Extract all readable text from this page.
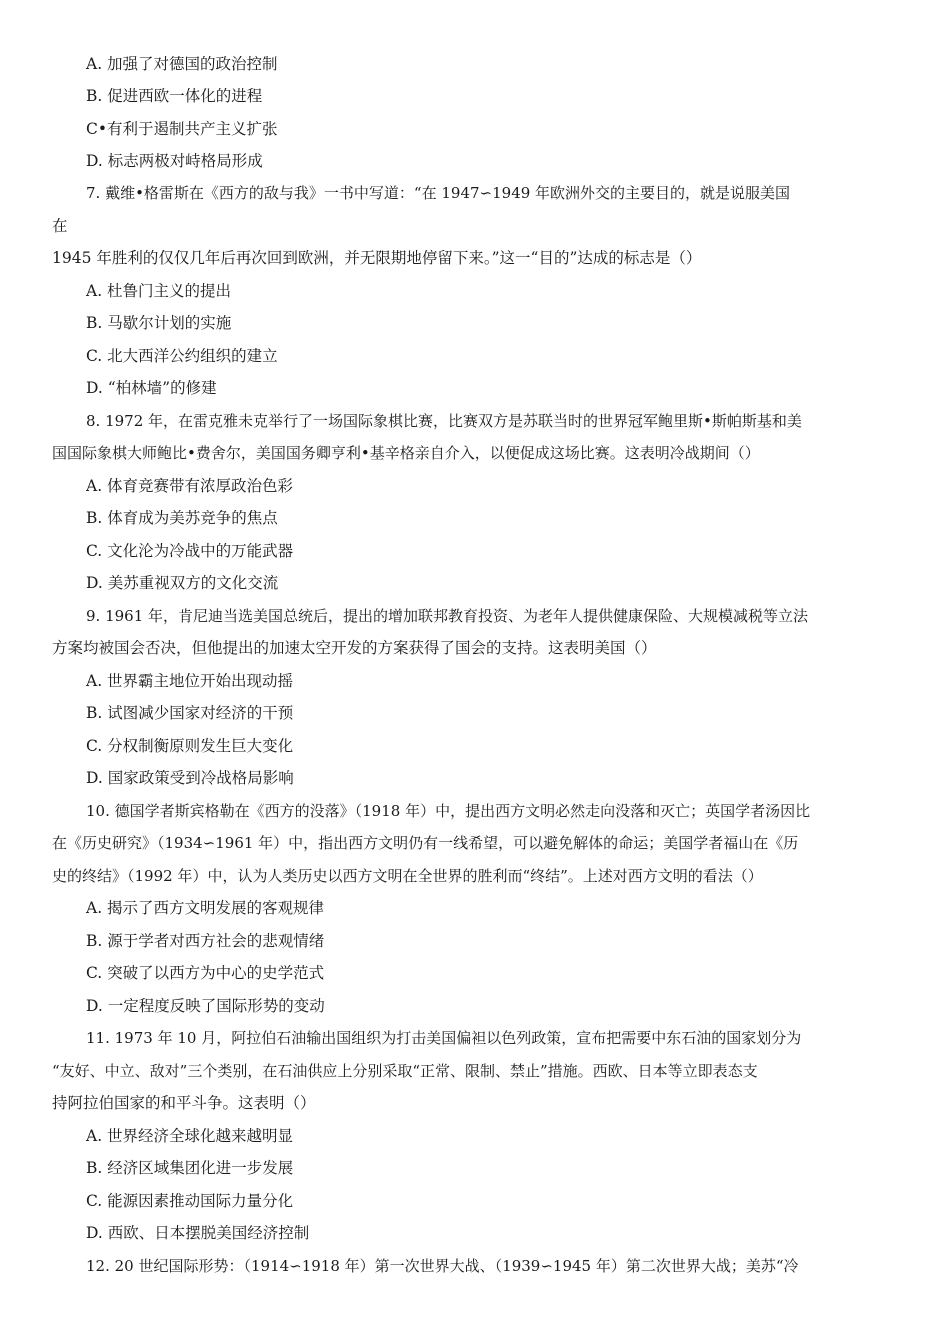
A. 加强了对德国的政治控制
B. 促进西欧一体化的进程
C•有利于遏制共产主义扩张
D. 标志两极对峙格局形成
7. 戴维•格雷斯在《西方的敌与我》一书中写道：“在 1947∽1949 年欧洲外交的主要目的，就是说服美国
在
1945 年胜利的仅仅几年后再次回到欧洲，并无限期地停留下来。”这一“目的”达成的标志是（）
A. 杜鲁门主义的提出
B. 马歇尔计划的实施
C. 北大西洋公约组织的建立
D. “柏林墙”的修建
8. 1972 年，在雷克雅未克举行了一场国际象棋比赛，比赛双方是苏联当时的世界冠军鲍里斯•斯帕斯基和美
国国际象棋大师鲍比•费舍尔，美国国务卿亨利•基辛格亲自介入，以便促成这场比赛。这表明冷战期间（）
A. 体育竞赛带有浓厚政治色彩
B. 体育成为美苏竞争的焦点
C. 文化沦为冷战中的万能武器
D. 美苏重视双方的文化交流
9. 1961 年，肯尼迪当选美国总统后，提出的增加联邦教育投资、为老年人提供健康保险、大规模减税等立法
方案均被国会否决，但他提出的加速太空开发的方案获得了国会的支持。这表明美国（）
A. 世界霸主地位开始出现动摇
B. 试图减少国家对经济的干预
C. 分权制衡原则发生巨大变化
D. 国家政策受到冷战格局影响
10. 德国学者斯宾格勒在《西方的没落》（1918 年）中，提出西方文明必然走向没落和灭亡；英国学者汤因比
在《历史研究》（1934∽1961 年）中，指出西方文明仍有一线希望，可以避免解体的命运；美国学者福山在《历
史的终结》（1992 年）中，认为人类历史以西方文明在全世界的胜利而“终结”。上述对西方文明的看法（）
A. 揭示了西方文明发展的客观规律
B. 源于学者对西方社会的悲观情绪
C. 突破了以西方为中心的史学范式
D. 一定程度反映了国际形势的变动
11. 1973 年 10 月，阿拉伯石油输出国组织为打击美国偏袒以色列政策，宣布把需要中东石油的国家划分为
“友好、中立、敌对”三个类别，在石油供应上分别采取“正常、限制、禁止”措施。西欧、日本等立即表态支
持阿拉伯国家的和平斗争。这表明（）
A. 世界经济全球化越来越明显
B. 经济区域集团化进一步发展
C. 能源因素推动国际力量分化
D. 西欧、日本摆脱美国经济控制
12. 20 世纪国际形势：（1914∽1918 年）第一次世界大战、（1939∽1945 年）第二次世界大战；美苏“冷
